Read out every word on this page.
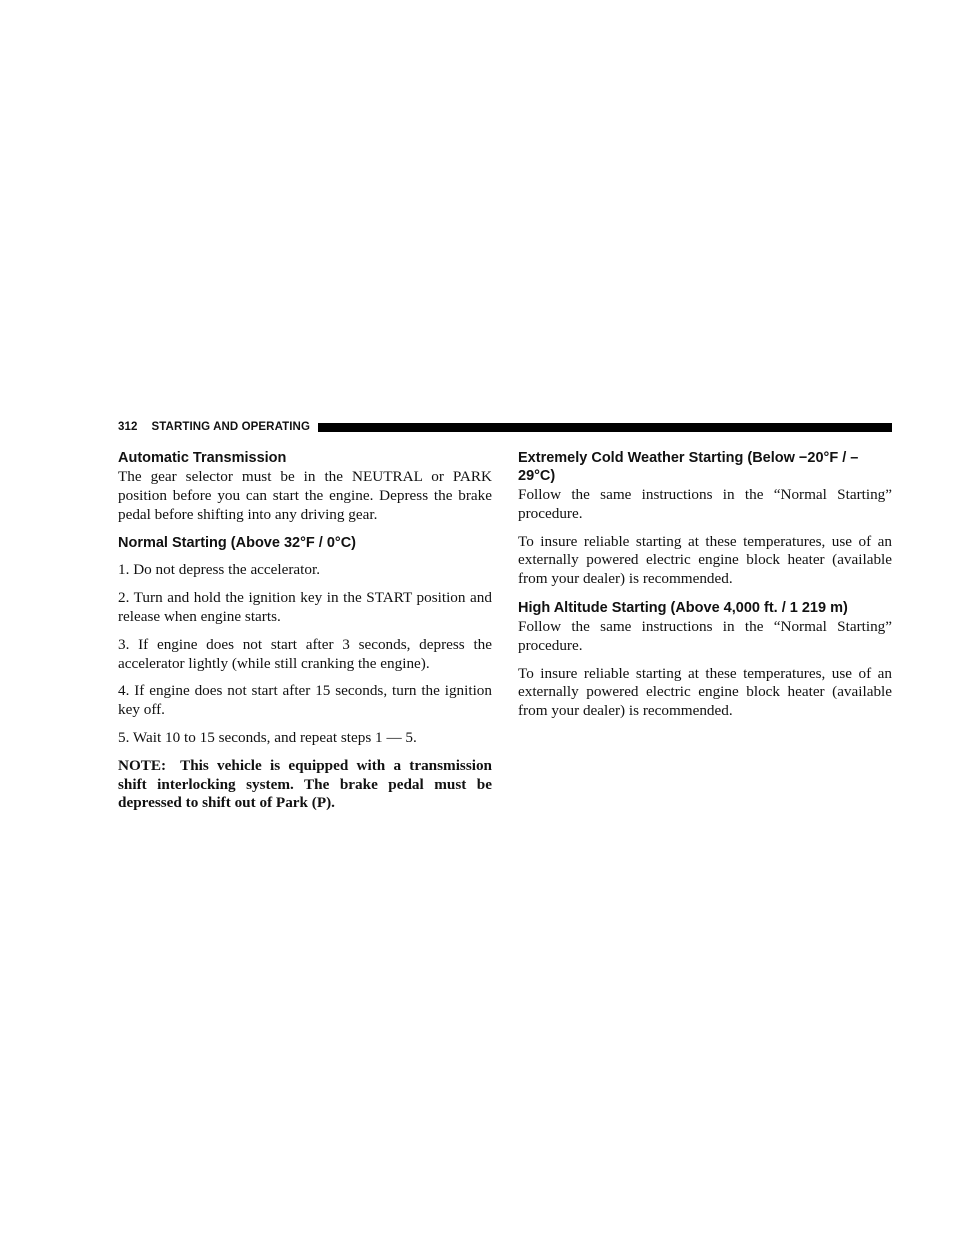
312 STARTING AND OPERATING
Automatic Transmission

The gear selector must be in the NEUTRAL or PARK position before you can start the engine. Depress the brake pedal before shifting into any driving gear.

Normal Starting (Above 32°F / 0°C)

1. Do not depress the accelerator.

2. Turn and hold the ignition key in the START position and release when engine starts.

3. If engine does not start after 3 seconds, depress the accelerator lightly (while still cranking the engine).

4. If engine does not start after 15 seconds, turn the ignition key off.

5. Wait 10 to 15 seconds, and repeat steps 1 — 5.

NOTE: This vehicle is equipped with a transmission shift interlocking system. The brake pedal must be depressed to shift out of Park (P).

Extremely Cold Weather Starting (Below −20°F / –29°C)

Follow the same instructions in the “Normal Starting” procedure.

To insure reliable starting at these temperatures, use of an externally powered electric engine block heater (available from your dealer) is recommended.

High Altitude Starting (Above 4,000 ft. / 1 219 m)

Follow the same instructions in the “Normal Starting” procedure.

To insure reliable starting at these temperatures, use of an externally powered electric engine block heater (available from your dealer) is recommended.
